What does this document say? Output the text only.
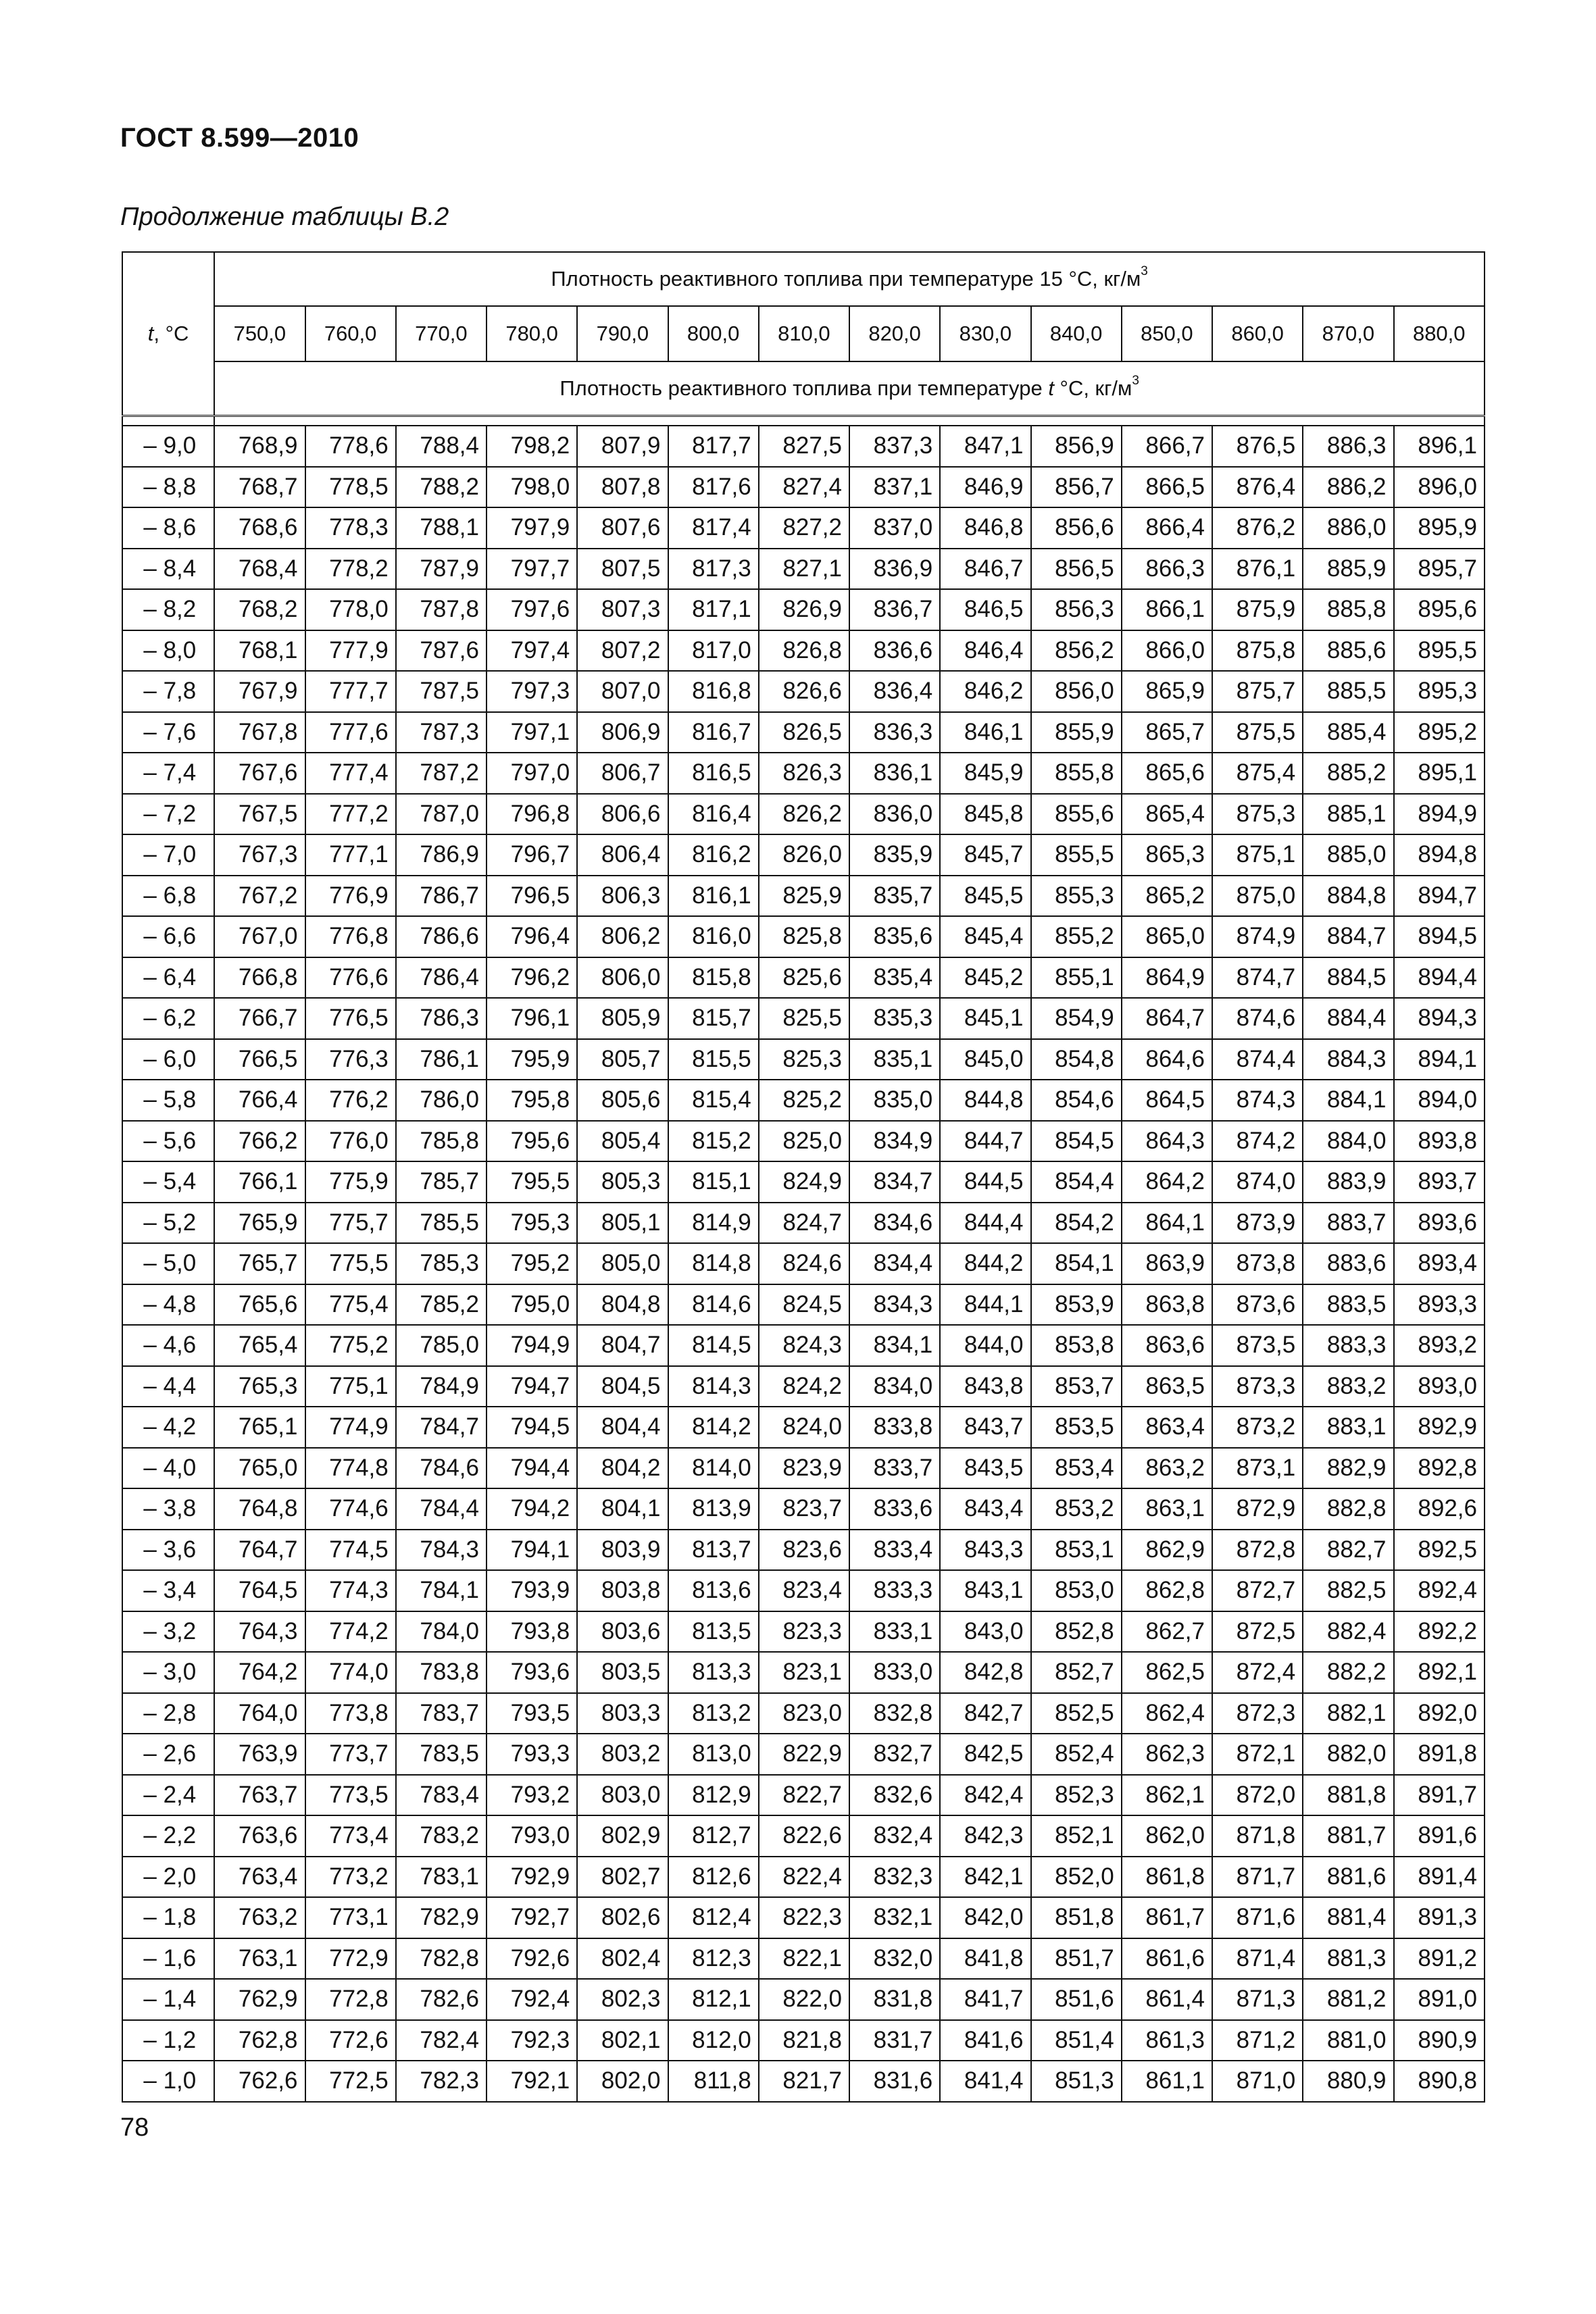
ГОСТ 8.599—2010
Продолжение таблицы В.2
t, °C	Плотность реактивного топлива при температуре 15 °С, $кг/м^3$
	750,0	760,0	770,0	780,0	790,0	800,0	810,0	820,0	830,0	840,0	850,0	860,0	870,0	880,0
	Плотность реактивного топлива при температуре t °С, $кг/м^3$

– 9,0	768,9	778,6	788,4	798,2	807,9	817,7	827,5	837,3	847,1	856,9	866,7	876,5	886,3	896,1
– 8,8	768,7	778,5	788,2	798,0	807,8	817,6	827,4	837,1	846,9	856,7	866,5	876,4	886,2	896,0
– 8,6	768,6	778,3	788,1	797,9	807,6	817,4	827,2	837,0	846,8	856,6	866,4	876,2	886,0	895,9
– 8,4	768,4	778,2	787,9	797,7	807,5	817,3	827,1	836,9	846,7	856,5	866,3	876,1	885,9	895,7
– 8,2	768,2	778,0	787,8	797,6	807,3	817,1	826,9	836,7	846,5	856,3	866,1	875,9	885,8	895,6
– 8,0	768,1	777,9	787,6	797,4	807,2	817,0	826,8	836,6	846,4	856,2	866,0	875,8	885,6	895,5
– 7,8	767,9	777,7	787,5	797,3	807,0	816,8	826,6	836,4	846,2	856,0	865,9	875,7	885,5	895,3
– 7,6	767,8	777,6	787,3	797,1	806,9	816,7	826,5	836,3	846,1	855,9	865,7	875,5	885,4	895,2
– 7,4	767,6	777,4	787,2	797,0	806,7	816,5	826,3	836,1	845,9	855,8	865,6	875,4	885,2	895,1
– 7,2	767,5	777,2	787,0	796,8	806,6	816,4	826,2	836,0	845,8	855,6	865,4	875,3	885,1	894,9
– 7,0	767,3	777,1	786,9	796,7	806,4	816,2	826,0	835,9	845,7	855,5	865,3	875,1	885,0	894,8
– 6,8	767,2	776,9	786,7	796,5	806,3	816,1	825,9	835,7	845,5	855,3	865,2	875,0	884,8	894,7
– 6,6	767,0	776,8	786,6	796,4	806,2	816,0	825,8	835,6	845,4	855,2	865,0	874,9	884,7	894,5
– 6,4	766,8	776,6	786,4	796,2	806,0	815,8	825,6	835,4	845,2	855,1	864,9	874,7	884,5	894,4
– 6,2	766,7	776,5	786,3	796,1	805,9	815,7	825,5	835,3	845,1	854,9	864,7	874,6	884,4	894,3
– 6,0	766,5	776,3	786,1	795,9	805,7	815,5	825,3	835,1	845,0	854,8	864,6	874,4	884,3	894,1
– 5,8	766,4	776,2	786,0	795,8	805,6	815,4	825,2	835,0	844,8	854,6	864,5	874,3	884,1	894,0
– 5,6	766,2	776,0	785,8	795,6	805,4	815,2	825,0	834,9	844,7	854,5	864,3	874,2	884,0	893,8
– 5,4	766,1	775,9	785,7	795,5	805,3	815,1	824,9	834,7	844,5	854,4	864,2	874,0	883,9	893,7
– 5,2	765,9	775,7	785,5	795,3	805,1	814,9	824,7	834,6	844,4	854,2	864,1	873,9	883,7	893,6
– 5,0	765,7	775,5	785,3	795,2	805,0	814,8	824,6	834,4	844,2	854,1	863,9	873,8	883,6	893,4
– 4,8	765,6	775,4	785,2	795,0	804,8	814,6	824,5	834,3	844,1	853,9	863,8	873,6	883,5	893,3
– 4,6	765,4	775,2	785,0	794,9	804,7	814,5	824,3	834,1	844,0	853,8	863,6	873,5	883,3	893,2
– 4,4	765,3	775,1	784,9	794,7	804,5	814,3	824,2	834,0	843,8	853,7	863,5	873,3	883,2	893,0
– 4,2	765,1	774,9	784,7	794,5	804,4	814,2	824,0	833,8	843,7	853,5	863,4	873,2	883,1	892,9
– 4,0	765,0	774,8	784,6	794,4	804,2	814,0	823,9	833,7	843,5	853,4	863,2	873,1	882,9	892,8
– 3,8	764,8	774,6	784,4	794,2	804,1	813,9	823,7	833,6	843,4	853,2	863,1	872,9	882,8	892,6
– 3,6	764,7	774,5	784,3	794,1	803,9	813,7	823,6	833,4	843,3	853,1	862,9	872,8	882,7	892,5
– 3,4	764,5	774,3	784,1	793,9	803,8	813,6	823,4	833,3	843,1	853,0	862,8	872,7	882,5	892,4
– 3,2	764,3	774,2	784,0	793,8	803,6	813,5	823,3	833,1	843,0	852,8	862,7	872,5	882,4	892,2
– 3,0	764,2	774,0	783,8	793,6	803,5	813,3	823,1	833,0	842,8	852,7	862,5	872,4	882,2	892,1
– 2,8	764,0	773,8	783,7	793,5	803,3	813,2	823,0	832,8	842,7	852,5	862,4	872,3	882,1	892,0
– 2,6	763,9	773,7	783,5	793,3	803,2	813,0	822,9	832,7	842,5	852,4	862,3	872,1	882,0	891,8
– 2,4	763,7	773,5	783,4	793,2	803,0	812,9	822,7	832,6	842,4	852,3	862,1	872,0	881,8	891,7
– 2,2	763,6	773,4	783,2	793,0	802,9	812,7	822,6	832,4	842,3	852,1	862,0	871,8	881,7	891,6
– 2,0	763,4	773,2	783,1	792,9	802,7	812,6	822,4	832,3	842,1	852,0	861,8	871,7	881,6	891,4
– 1,8	763,2	773,1	782,9	792,7	802,6	812,4	822,3	832,1	842,0	851,8	861,7	871,6	881,4	891,3
– 1,6	763,1	772,9	782,8	792,6	802,4	812,3	822,1	832,0	841,8	851,7	861,6	871,4	881,3	891,2
– 1,4	762,9	772,8	782,6	792,4	802,3	812,1	822,0	831,8	841,7	851,6	861,4	871,3	881,2	891,0
– 1,2	762,8	772,6	782,4	792,3	802,1	812,0	821,8	831,7	841,6	851,4	861,3	871,2	881,0	890,9
– 1,0	762,6	772,5	782,3	792,1	802,0	811,8	821,7	831,6	841,4	851,3	861,1	871,0	880,9	890,8
78
